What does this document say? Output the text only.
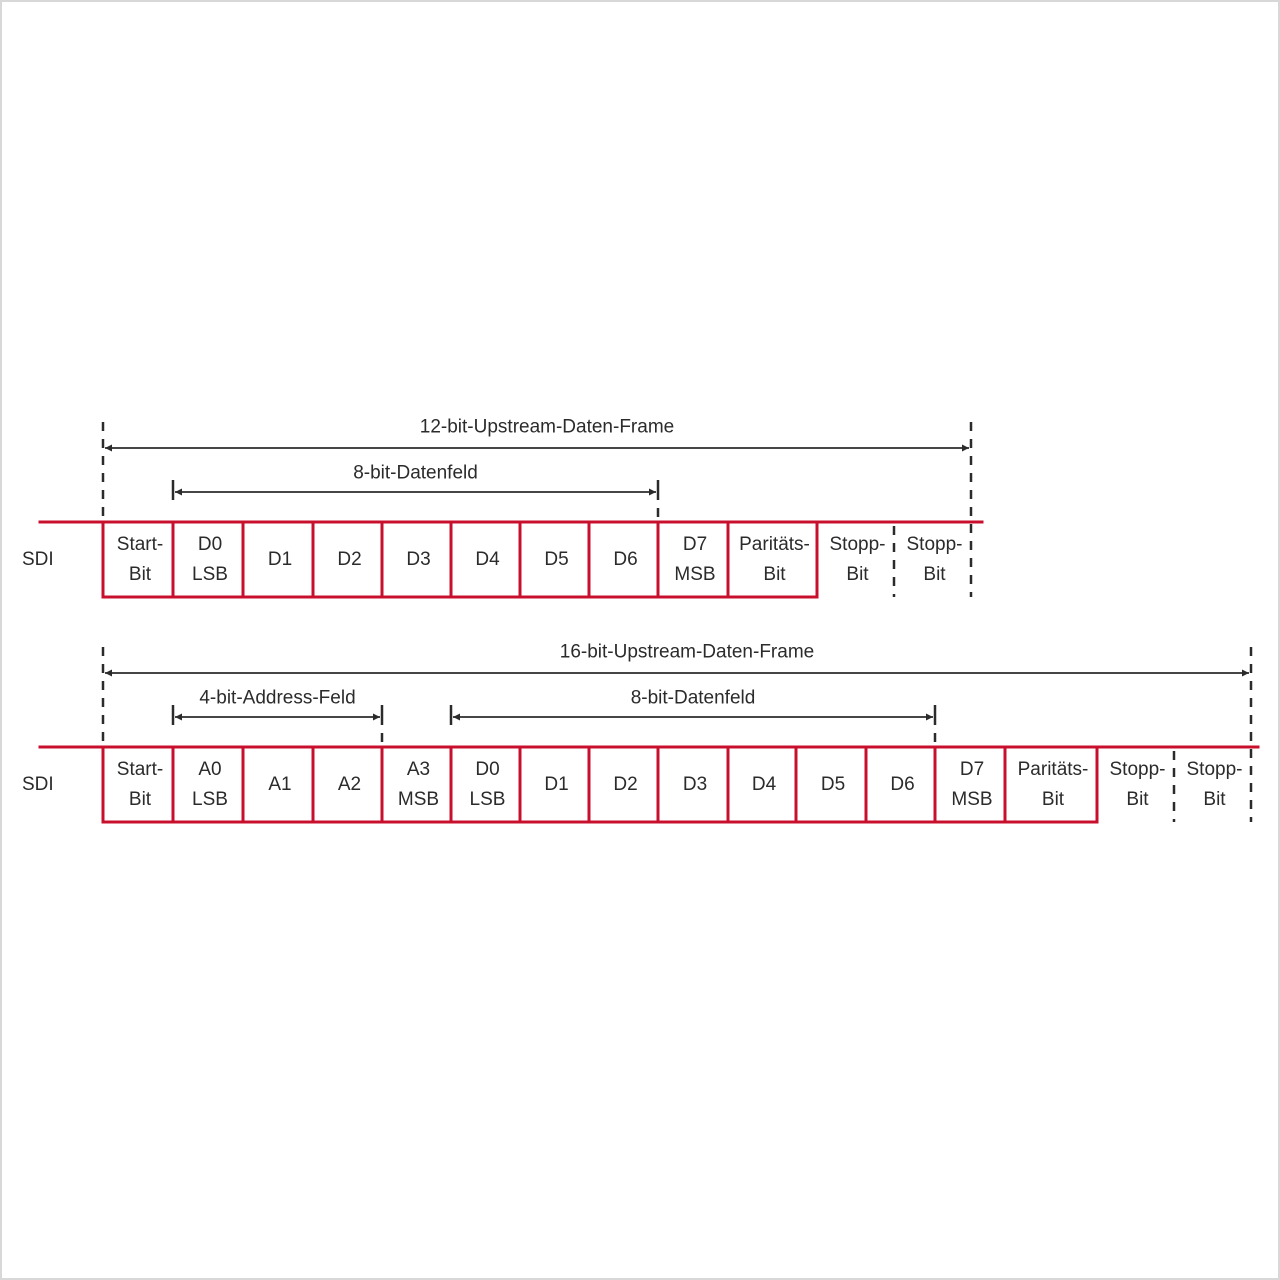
12-bit-Upstream-Daten-Frame
8-bit-Datenfeld
SDI
Start-
Bit
D0
LSB
D1 D2 D3 D4 D5 D6
D7
MSB
Paritäts-
Bit
Stopp-
Bit
Stopp-
Bit
16-bit-Upstream-Daten-Frame
4-bit-Address-Feld	8-bit-Datenfeld
SDI
Start-
Bit
A0
LSB
A1 A2
A3
MSB
D0
LSB
D1 D2 D3 D4 D5 D6
D7
MSB
Paritäts-
Bit
Stopp-
Bit
Stopp-
Bit
